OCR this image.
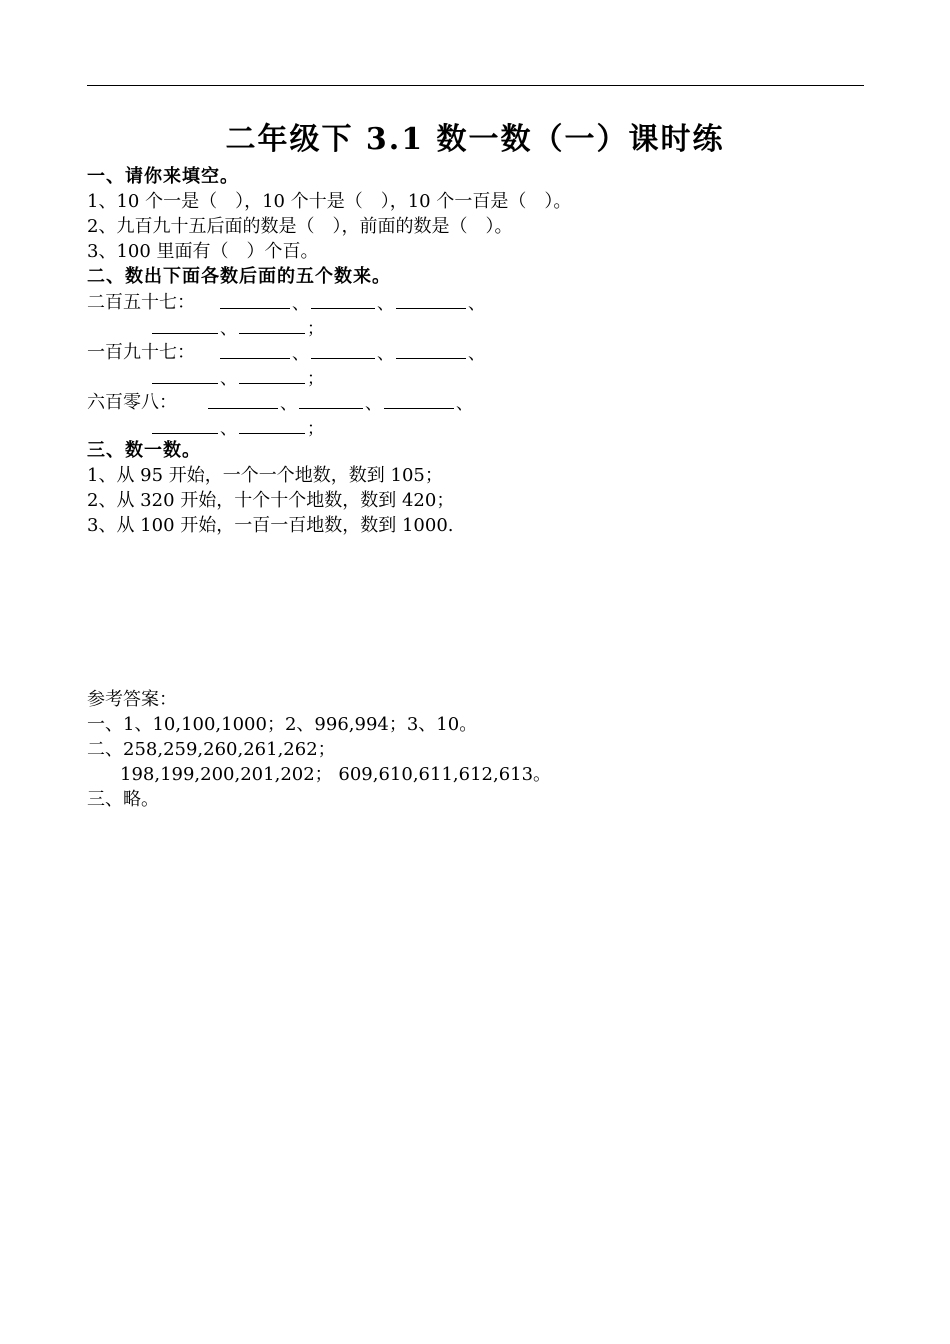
二年级下 3.1 数一数（一）课时练
一、请你来填空。
1、10 个一是（　），10 个十是（　），10 个一百是（　）。
2、九百九十五后面的数是（　），前面的数是（　）。
3、100 里面有（　）个百。
二、数出下面各数后面的五个数来。
二百五十七：	、	、	、
、	；
一百九十七：	、	、	、
、	；
六百零八：	、	、	、
、	；
三、数一数。
1、从 95 开始，一个一个地数，数到 105；
2、从 320 开始，十个十个地数，数到 420；
3、从 100 开始，一百一百地数，数到 1000.
参考答案：
一、1、10,100,1000；2、996,994；3、10。
二、258,259,260,261,262；
198,199,200,201,202； 609,610,611,612,613。
三、略。
